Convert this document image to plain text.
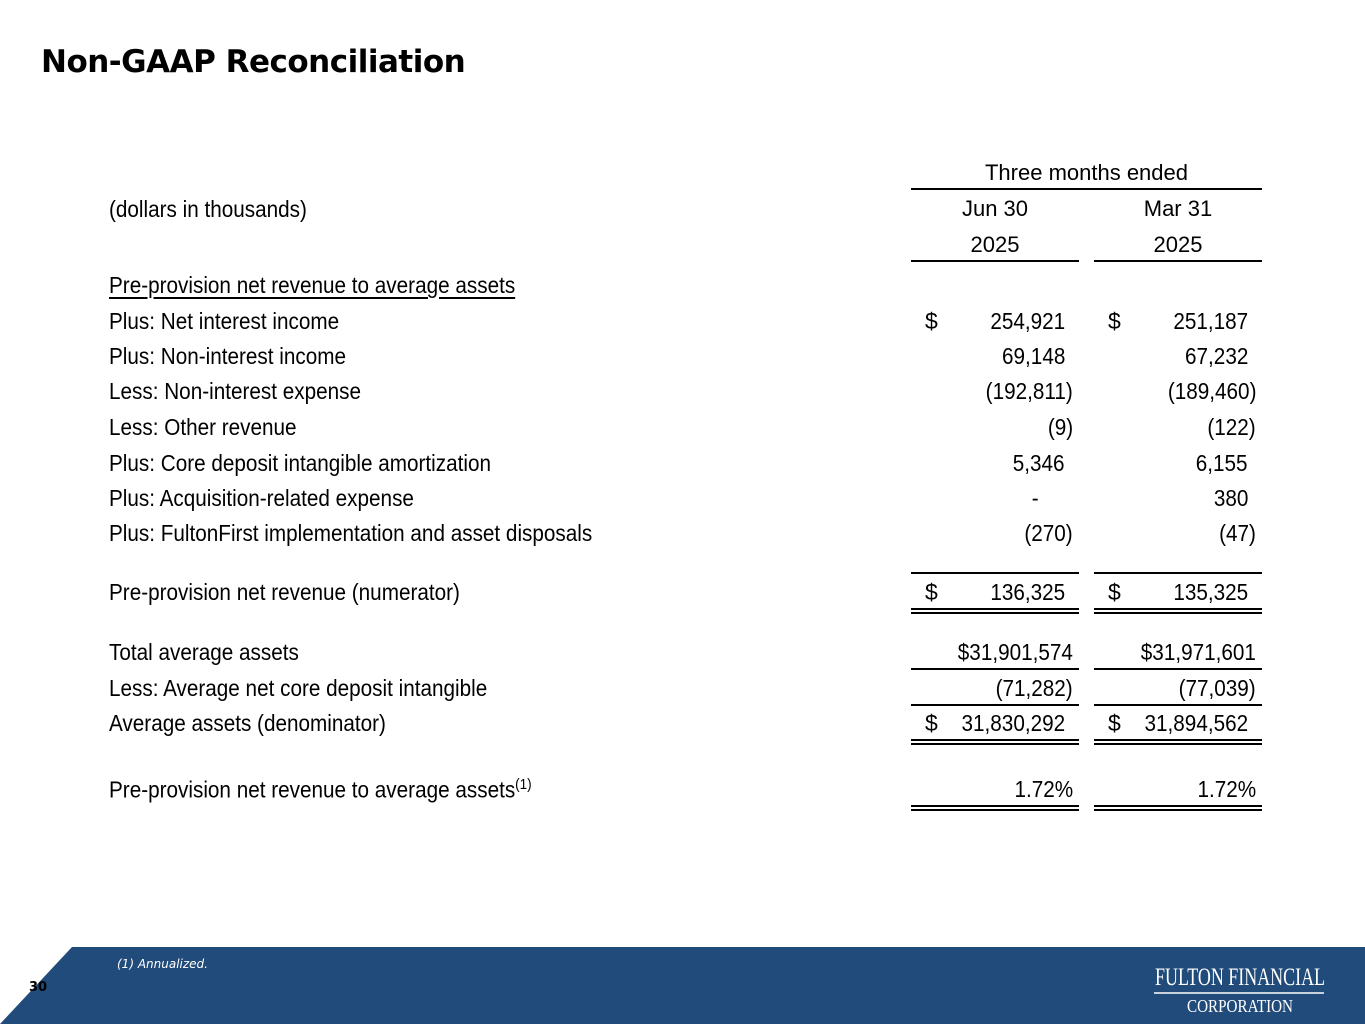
Non-GAAP Reconciliation
Three months ended
(dollars in thousands)	Jun 30	Mar 31
2025	2025
Pre-provision net revenue to average assets
Plus: Net interest income	$ 254,921 $ 251,187
Plus: Non-interest income	69,148	67,232
Less: Non-interest expense	(192,811)	(189,460)
Less: Other revenue	(9)	(122)
Plus: Core deposit intangible amortization	5,346	6,155
Plus: Acquisition-related expense	-	380
Plus: FultonFirst implementation and asset disposals	(270)	(47)
Pre-provision net revenue (numerator)	$ 136,325 $ 135,325
Total average assets	$31,901,574	$31,971,601
Less: Average net core deposit intangible	(71,282)	(77,039)
Average assets (denominator)	$ 31,830,292 $ 31,894,562
Pre-provision net revenue to average assets$^{(1)}$	1.72%	1.72%
30
(1) Annualized.	FULTON FINANCIAL
CORPORATION
